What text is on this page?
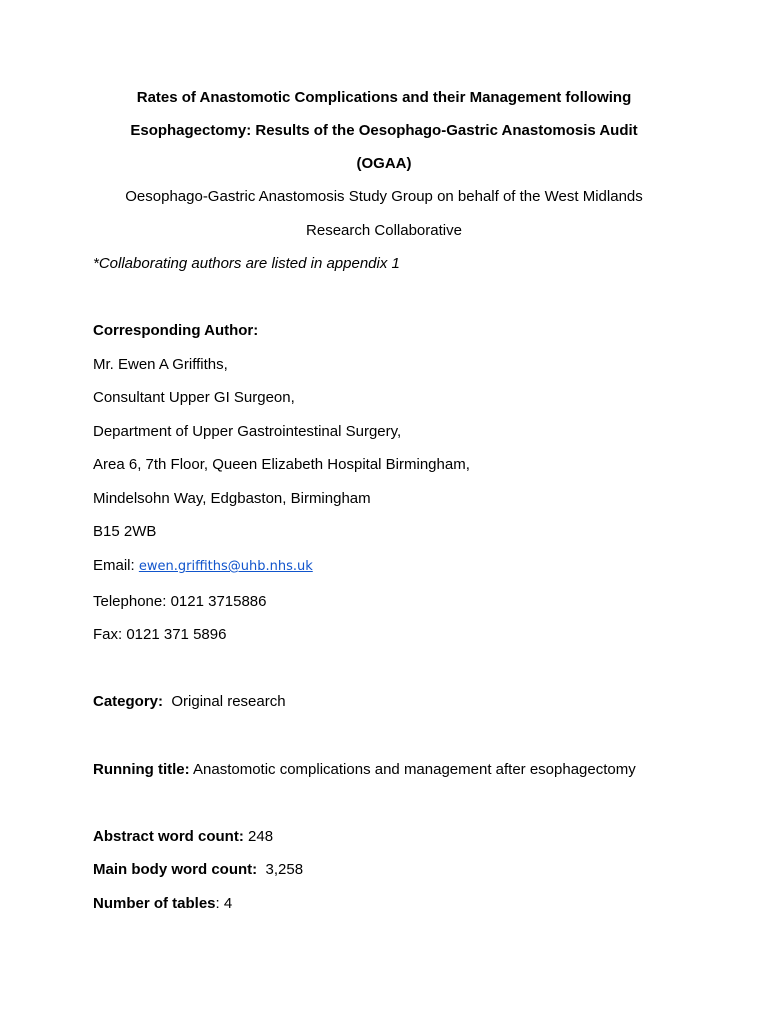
Rates of Anastomotic Complications and their Management following
Esophagectomy: Results of the Oesophago-Gastric Anastomosis Audit
(OGAA)
Oesophago-Gastric Anastomosis Study Group on behalf of the West Midlands
Research Collaborative
*Collaborating authors are listed in appendix 1
Corresponding Author:
Mr. Ewen A Griffiths,
Consultant Upper GI Surgeon,
Department of Upper Gastrointestinal Surgery,
Area 6, 7th Floor, Queen Elizabeth Hospital Birmingham,
Mindelsohn Way, Edgbaston, Birmingham
B15 2WB
Email: ewen.griffiths@uhb.nhs.uk
Telephone: 0121 3715886
Fax: 0121 371 5896
Category: Original research
Running title: Anastomotic complications and management after esophagectomy
Abstract word count: 248
Main body word count: 3,258
Number of tables: 4
